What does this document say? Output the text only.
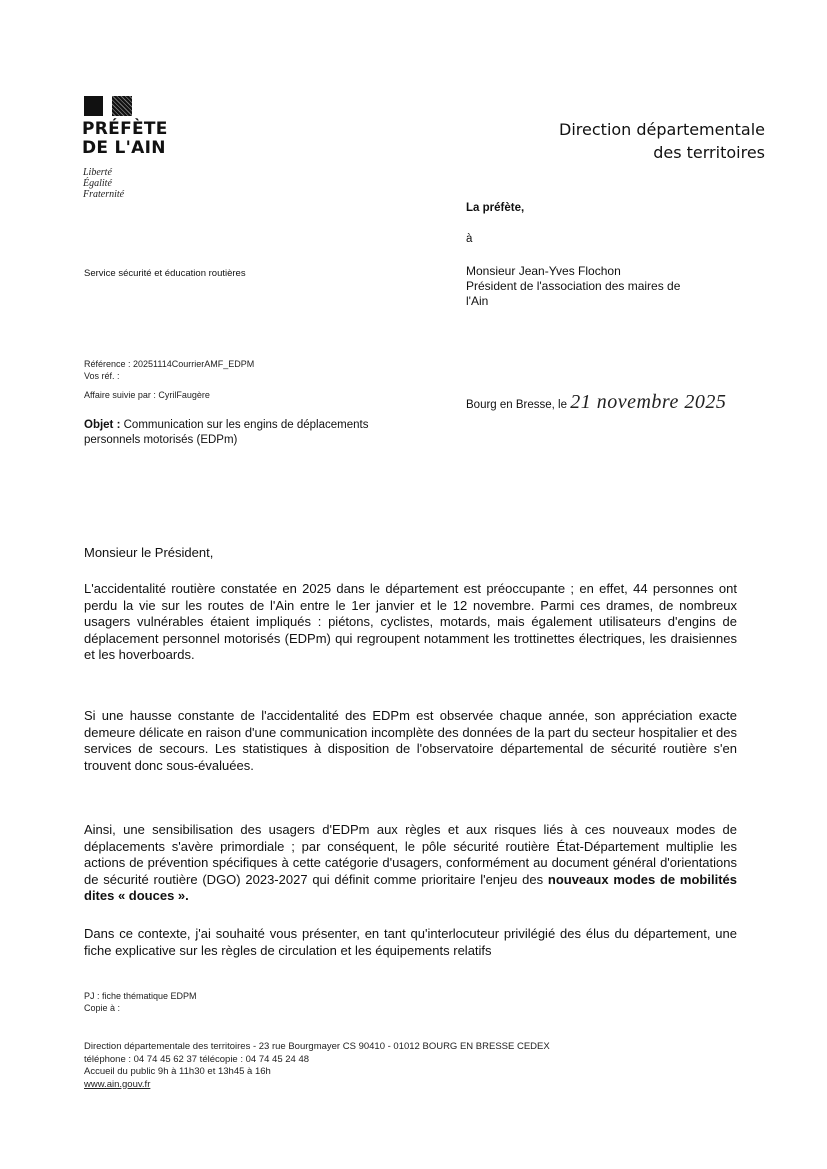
PRÉFÈTE
DE L'AIN
Liberté
Égalité
Fraternité
Direction départementale
des territoires
Service sécurité et éducation routières
La préfète,
à
Monsieur Jean-Yves Flochon
Président de l'association des maires de
l'Ain
Référence : 20251114CourrierAMF_EDPM
Vos réf. :
Affaire suivie par : CyrilFaugère
Objet : Communication sur les engins de déplacements personnels motorisés (EDPm)
Bourg en Bresse, le 21 novembre 2025
Monsieur le Président,
L'accidentalité routière constatée en 2025 dans le département est préoccupante ; en effet, 44 personnes ont perdu la vie sur les routes de l'Ain entre le 1er janvier et le 12 novembre. Parmi ces drames, de nombreux usagers vulnérables étaient impliqués : piétons, cyclistes, motards, mais également utilisateurs d'engins de déplacement personnel motorisés (EDPm) qui regroupent notamment les trottinettes électriques, les draisiennes et les hoverboards.
Si une hausse constante de l'accidentalité des EDPm est observée chaque année, son appréciation exacte demeure délicate en raison d'une communication incomplète des données de la part du secteur hospitalier et des services de secours. Les statistiques à disposition de l'observatoire départemental de sécurité routière s'en trouvent donc sous-évaluées.
Ainsi, une sensibilisation des usagers d'EDPm aux règles et aux risques liés à ces nouveaux modes de déplacements s'avère primordiale ; par conséquent, le pôle sécurité routière État-Département multiplie les actions de prévention spécifiques à cette catégorie d'usagers, conformément au document général d'orientations de sécurité routière (DGO) 2023-2027 qui définit comme prioritaire l'enjeu des nouveaux modes de mobilités dites « douces ».
Dans ce contexte, j'ai souhaité vous présenter, en tant qu'interlocuteur privilégié des élus du département, une fiche explicative sur les règles de circulation et les équipements relatifs
PJ : fiche thématique EDPM
Copie à :
Direction départementale des territoires - 23 rue Bourgmayer CS 90410 - 01012 BOURG EN BRESSE CEDEX
téléphone : 04 74 45 62 37 télécopie : 04 74 45 24 48
Accueil du public 9h à 11h30 et 13h45 à 16h
www.ain.gouv.fr
